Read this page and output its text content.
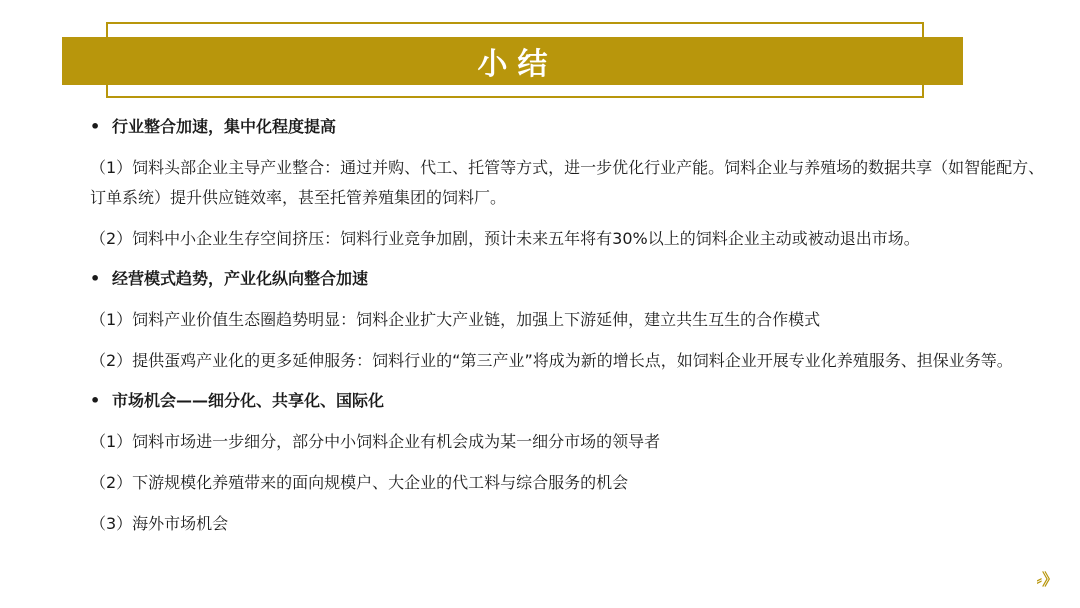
小结
• 行业整合加速，集中化程度提高
（1）饲料头部企业主导产业整合：通过并购、代工、托管等方式，进一步优化行业产能。饲料企业与养殖场的数据共享（如智能配方、订单系统）提升供应链效率，甚至托管养殖集团的饲料厂。
（2）饲料中小企业生存空间挤压：饲料行业竞争加剧，预计未来五年将有30%以上的饲料企业主动或被动退出市场。
• 经营模式趋势，产业化纵向整合加速
（1）饲料产业价值生态圈趋势明显：饲料企业扩大产业链，加强上下游延伸，建立共生互生的合作模式
（2）提供蛋鸡产业化的更多延伸服务：饲料行业的“第三产业”将成为新的增长点，如饲料企业开展专业化养殖服务、担保业务等。
• 市场机会——细分化、共享化、国际化
（1）饲料市场进一步细分，部分中小饲料企业有机会成为某一细分市场的领导者
（2）下游规模化养殖带来的面向规模户、大企业的代工料与综合服务的机会
（3）海外市场机会
⸗》
